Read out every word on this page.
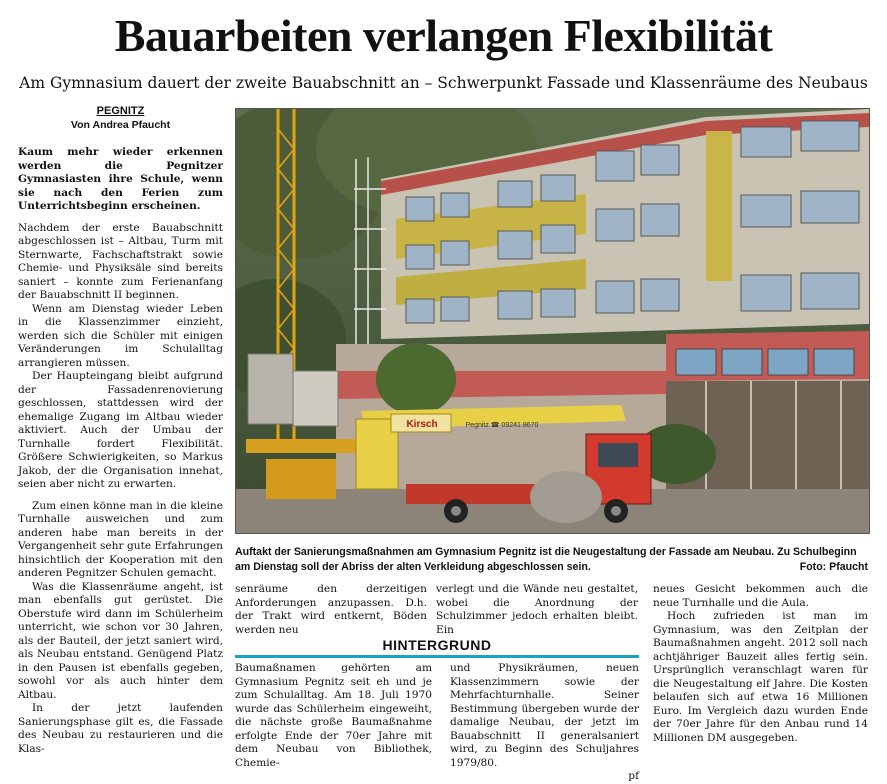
Bauarbeiten verlangen Flexibilität
Am Gymnasium dauert der zweite Bauabschnitt an – Schwerpunkt Fassade und Klassenräume des Neubaus
PEGNITZ
Von Andrea Pfaucht

Kaum mehr wieder erkennen werden die Pegnitzer Gymnasiasten ihre Schule, wenn sie nach den Ferien zum Unterrichtsbeginn erscheinen.

Nachdem der erste Bauabschnitt abgeschlossen ist – Altbau, Turm mit Sternwarte, Fachschaftstrakt sowie Chemie- und Physiksäle sind bereits saniert – konnte zum Ferienanfang der Bauabschnitt II beginnen.

Wenn am Dienstag wieder Leben in die Klassenzimmer einzieht, werden sich die Schüler mit einigen Veränderungen im Schulalltag arrangieren müssen.

Der Haupteingang bleibt aufgrund der Fassadenrenovierung geschlossen, stattdessen wird der ehemalige Zugang im Altbau wieder aktiviert. Auch der Umbau der Turnhalle fordert Flexibilität. Größere Schwierigkeiten, so Markus Jakob, der die Organisation innehat, seien aber nicht zu erwarten.

Zum einen könne man in die kleine Turnhalle ausweichen und zum anderen habe man bereits in der Vergangenheit sehr gute Erfahrungen hinsichtlich der Kooperation mit den anderen Pegnitzer Schulen gemacht.

Was die Klassenräume angeht, ist man ebenfalls gut gerüstet. Die Oberstufe wird dann im Schülerheim unterricht, wie schon vor 30 Jahren, als der Bauteil, der jetzt saniert wird, als Neubau entstand. Genügend Platz in den Pausen ist ebenfalls gegeben, sowohl vor als auch hinter dem Altbau.

In der jetzt laufenden Sanierungsphase gilt es, die Fassade des Neubau zu restaurieren und die Klas-

Kirsch	Pegnitz ☎ 09241 8670
Auftakt der Sanierungsmaßnahmen am Gymnasium Pegnitz ist die Neugestaltung der Fassade am Neubau. Zu Schulbeginn am Dienstag soll der Abriss der alten Verkleidung abgeschlossen sein.	Foto: Pfaucht

senräume den derzeitigen Anforderungen anzupassen. D.h. der Trakt wird entkernt, Böden werden neu

verlegt und die Wände neu gestaltet, wobei die Anordnung der Schulzimmer jedoch erhalten bleibt. Ein

neues Gesicht bekommen auch die neue Turnhalle und die Aula.

Hoch zufrieden ist man im Gymnasium, was den Zeitplan der Baumaßnahmen angeht. 2012 soll nach achtjähriger Bauzeit alles fertig sein. Ursprünglich veranschlagt waren für die Neugestaltung elf Jahre. Die Kosten belaufen sich auf etwa 16 Millionen Euro. Im Vergleich dazu wurden Ende der 70er Jahre für den Anbau rund 14 Millionen DM ausgegeben.

HINTERGRUND

Baumaßnamen gehörten am Gymnasium Pegnitz seit eh und je zum Schulalltag. Am 18. Juli 1970 wurde das Schülerheim eingeweiht, die nächste große Baumaßnahme erfolgte Ende der 70er Jahre mit dem Neubau von Bibliothek, Chemie-

und Physikräumen, neuen Klassenzimmern sowie der Mehrfachturnhalle. Seiner Bestimmung übergeben wurde der damalige Neubau, der jetzt im Bauabschnitt II generalsaniert wird, zu Beginn des Schuljahres 1979/80.

pf
